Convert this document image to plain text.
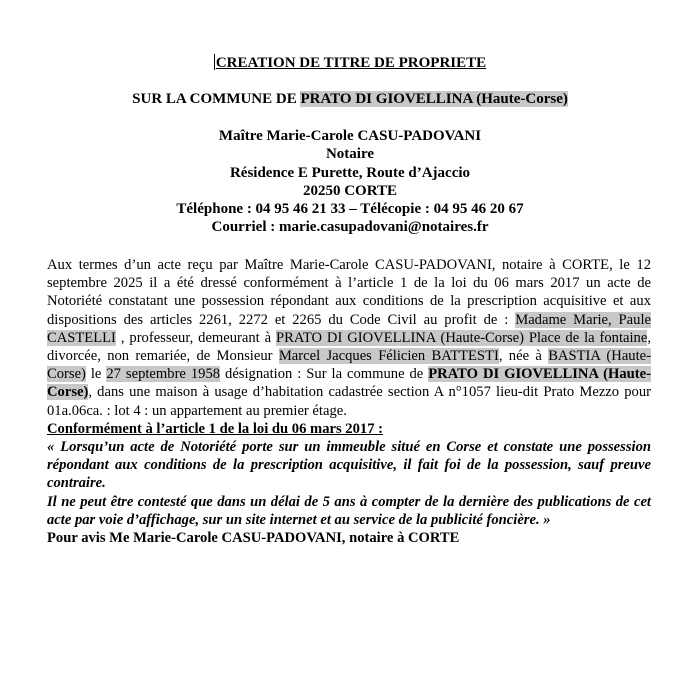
CREATION DE TITRE DE PROPRIETE
SUR LA COMMUNE DE PRATO DI GIOVELLINA (Haute-Corse)
Maître Marie-Carole CASU-PADOVANI
Notaire
Résidence E Purette, Route d’Ajaccio
20250 CORTE
Téléphone : 04 95 46 21 33 – Télécopie : 04 95 46 20 67
Courriel : marie.casupadovani@notaires.fr

Aux termes d’un acte reçu par Maître Marie-Carole CASU-PADOVANI, notaire à CORTE, le 12 septembre 2025 il a été dressé conformément à l’article 1 de la loi du 06 mars 2017 un acte de Notoriété constatant une possession répondant aux conditions de la prescription acquisitive et aux dispositions des articles 2261, 2272 et 2265 du Code Civil au profit de : Madame Marie, Paule CASTELLI , professeur, demeurant à PRATO DI GIOVELLINA (Haute-Corse) Place de la fontaine, divorcée, non remariée, de Monsieur Marcel Jacques Félicien BATTESTI, née à BASTIA (Haute-Corse) le 27 septembre 1958 désignation : Sur la commune de PRATO DI GIOVELLINA (Haute-Corse), dans une maison à usage d’habitation cadastrée section A n°1057 lieu-dit Prato Mezzo pour 01a.06ca. : lot 4 : un appartement au premier étage.

Conformément à l’article 1 de la loi du 06 mars 2017 :

« Lorsqu’un acte de Notoriété porte sur un immeuble situé en Corse et constate une possession répondant aux conditions de la prescription acquisitive, il fait foi de la possession, sauf preuve contraire.

Il ne peut être contesté que dans un délai de 5 ans à compter de la dernière des publications de cet acte par voie d’affichage, sur un site internet et au service de la publicité foncière. »

Pour avis Me Marie-Carole CASU-PADOVANI, notaire à CORTE
